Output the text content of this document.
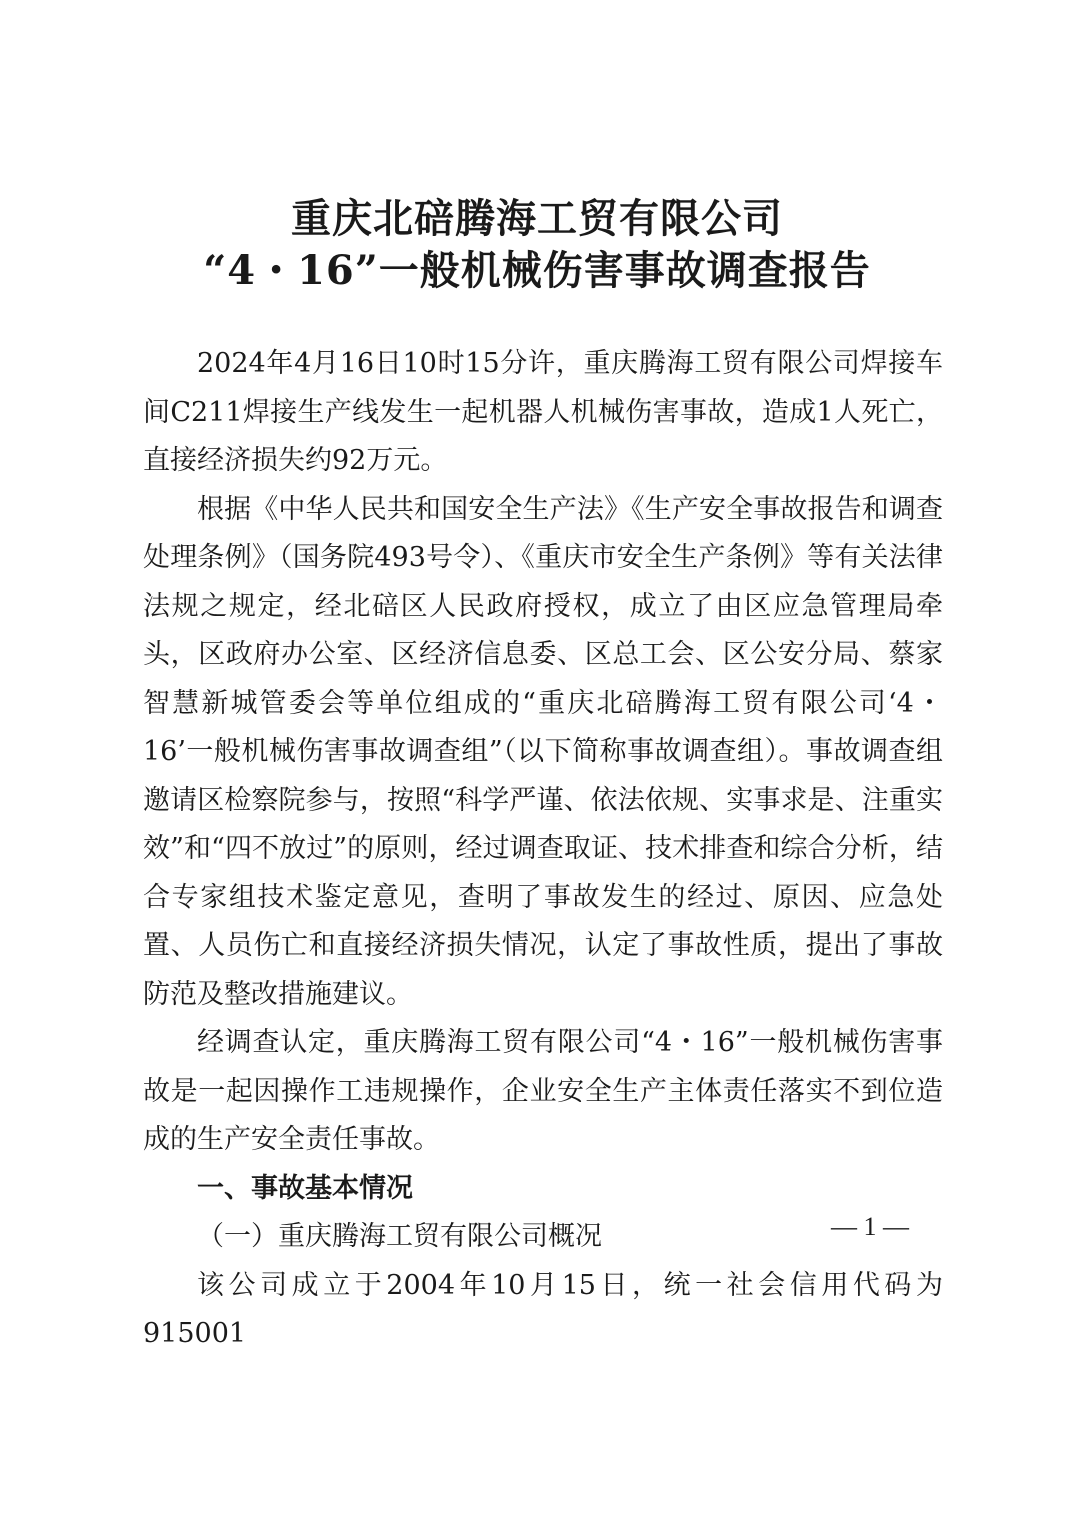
重庆北碚腾海工贸有限公司
“4・16”一般机械伤害事故调查报告

2024年4月16日10时15分许，重庆腾海工贸有限公司焊接车间C211焊接生产线发生一起机器人机械伤害事故，造成1人死亡，直接经济损失约92万元。

根据《中华人民共和国安全生产法》《生产安全事故报告和调查处理条例》（国务院493号令）、《重庆市安全生产条例》等有关法律法规之规定，经北碚区人民政府授权，成立了由区应急管理局牵头，区政府办公室、区经济信息委、区总工会、区公安分局、蔡家智慧新城管委会等单位组成的“重庆北碚腾海工贸有限公司‘4・16’一般机械伤害事故调查组”（以下简称事故调查组）。事故调查组邀请区检察院参与，按照“科学严谨、依法依规、实事求是、注重实效”和“四不放过”的原则，经过调查取证、技术排查和综合分析，结合专家组技术鉴定意见，查明了事故发生的经过、原因、应急处置、人员伤亡和直接经济损失情况，认定了事故性质，提出了事故防范及整改措施建议。

经调查认定，重庆腾海工贸有限公司“4・16”一般机械伤害事故是一起因操作工违规操作，企业安全生产主体责任落实不到位造成的生产安全责任事故。

一、事故基本情况

（一）重庆腾海工贸有限公司概况

该公司成立于2004年10月15日，统一社会信用代码为915001

— 1 —
